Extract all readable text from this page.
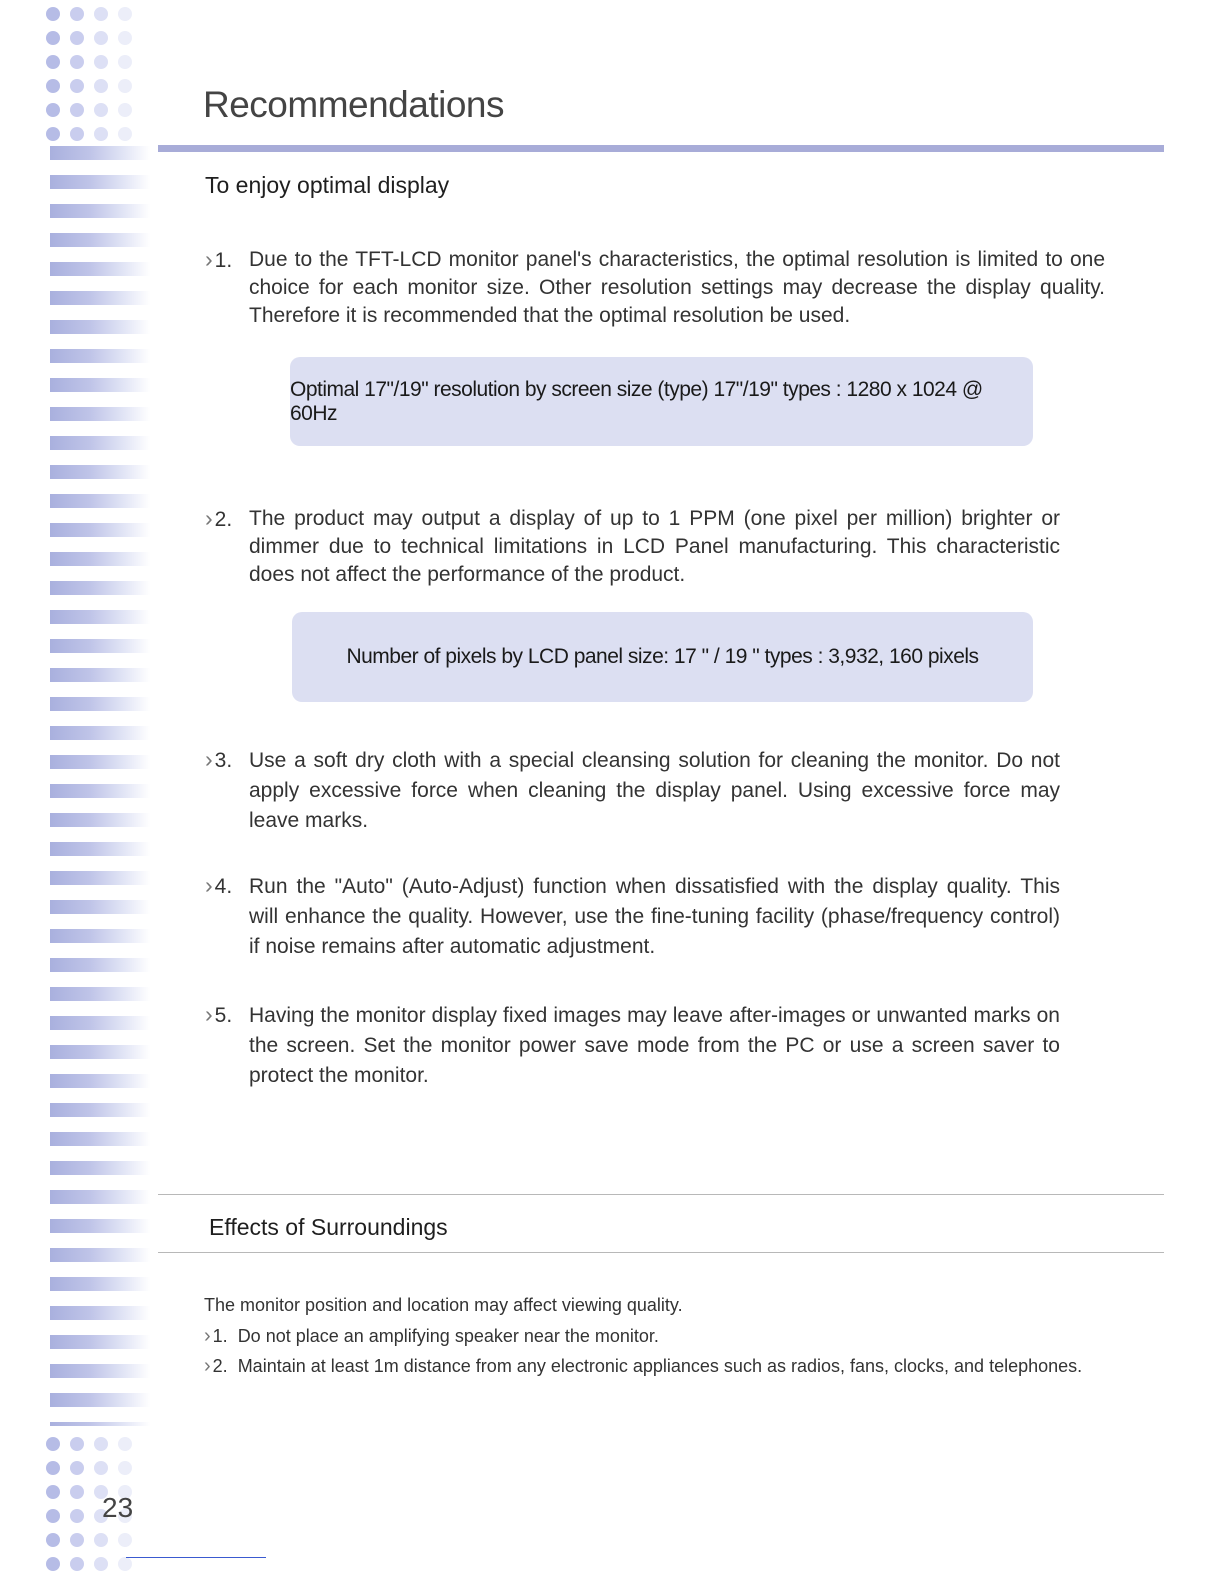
Recommendations
To enjoy optimal display
› 1. Due to the TFT-LCD monitor panel's characteristics, the optimal resolution is limited to one choice for each monitor size. Other resolution settings may decrease the display quality. Therefore it is recommended that the optimal resolution be used.

Optimal 17"/19" resolution by screen size (type) 17"/19" types : 1280 x 1024 @ 60Hz
› 2. The product may output a display of up to 1 PPM (one pixel per million) brighter or dimmer due to technical limitations in LCD Panel manufacturing. This characteristic does not affect the performance of the product.

Number of pixels by LCD panel size: 17 " / 19 " types : 3,932, 160 pixels
› 3. Use a soft dry cloth with a special cleansing solution for cleaning the monitor. Do not apply excessive force when cleaning the display panel. Using excessive force may leave marks.

› 4. Run the "Auto" (Auto-Adjust) function when dissatisfied with the display quality. This will enhance the quality. However, use the fine-tuning facility (phase/frequency control) if noise remains after automatic adjustment.

› 5. Having the monitor display fixed images may leave after-images or unwanted marks on the screen. Set the monitor power save mode from the PC or use a screen saver to protect the monitor.

Effects of Surroundings

The monitor position and location may affect viewing quality.

› 1. Do not place an amplifying speaker near the monitor.
› 2. Maintain at least 1m distance from any electronic appliances such as radios, fans, clocks, and telephones.
23
